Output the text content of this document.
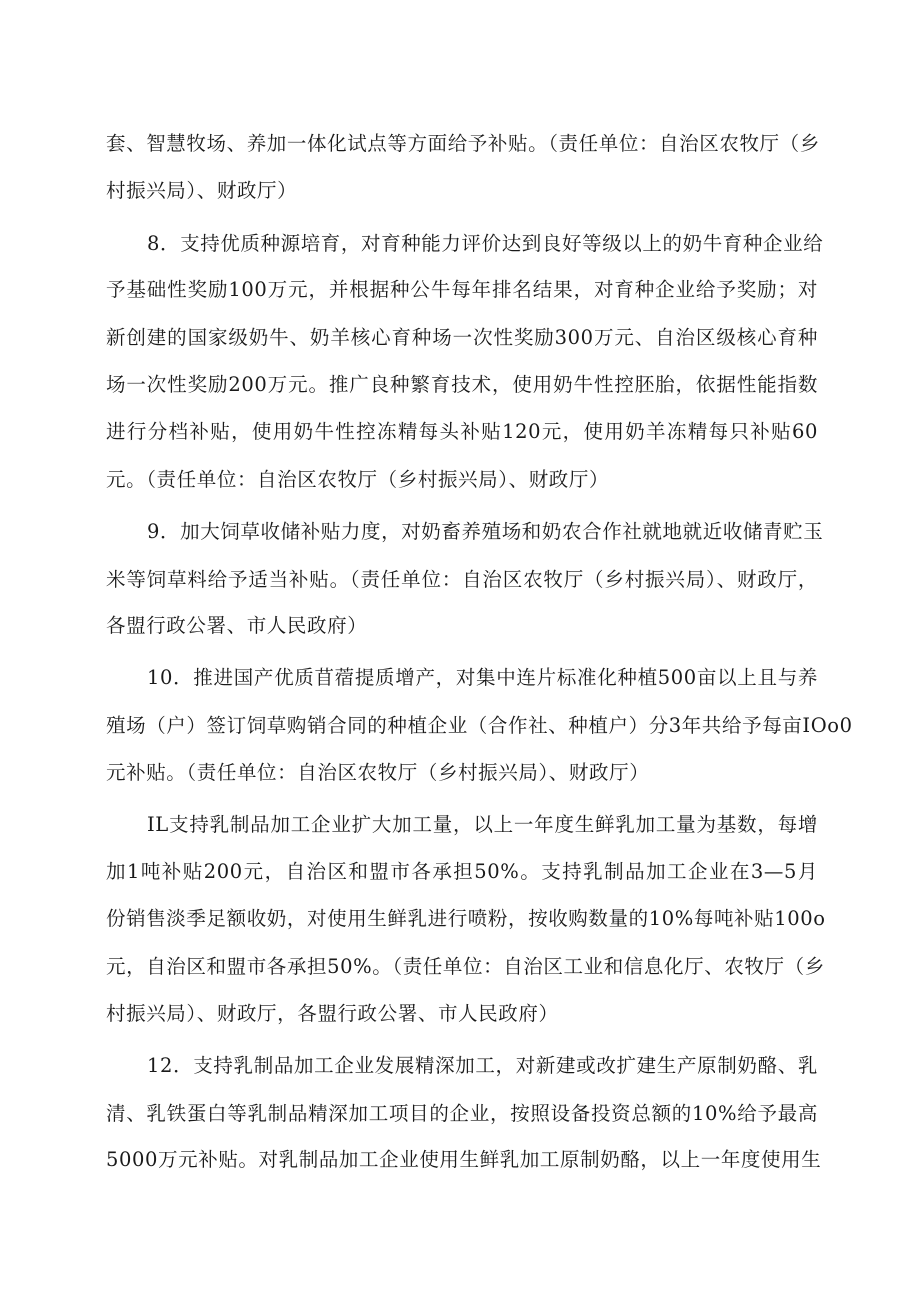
套、智慧牧场、养加一体化试点等方面给予补贴。（责任单位：自治区农牧厅（乡
村振兴局）、财政厅）
8．支持优质种源培育，对育种能力评价达到良好等级以上的奶牛育种企业给
予基础性奖励100万元，并根据种公牛每年排名结果，对育种企业给予奖励；对
新创建的国家级奶牛、奶羊核心育种场一次性奖励300万元、自治区级核心育种
场一次性奖励200万元。推广良种繁育技术，使用奶牛性控胚胎，依据性能指数
进行分档补贴，使用奶牛性控冻精每头补贴120元，使用奶羊冻精每只补贴60
元。（责任单位：自治区农牧厅（乡村振兴局）、财政厅）
9．加大饲草收储补贴力度，对奶畜养殖场和奶农合作社就地就近收储青贮玉
米等饲草料给予适当补贴。（责任单位：自治区农牧厅（乡村振兴局）、财政厅，
各盟行政公署、市人民政府）
10．推进国产优质苜蓿提质增产，对集中连片标准化种植500亩以上且与养
殖场（户）签订饲草购销合同的种植企业（合作社、种植户）分3年共给予每亩IOo0
元补贴。（责任单位：自治区农牧厅（乡村振兴局）、财政厅）
IL支持乳制品加工企业扩大加工量，以上一年度生鲜乳加工量为基数，每增
加1吨补贴200元，自治区和盟市各承担50%。支持乳制品加工企业在3—5月
份销售淡季足额收奶，对使用生鲜乳进行喷粉，按收购数量的10%每吨补贴100o
元，自治区和盟市各承担50%。（责任单位：自治区工业和信息化厅、农牧厅（乡
村振兴局）、财政厅，各盟行政公署、市人民政府）
12．支持乳制品加工企业发展精深加工，对新建或改扩建生产原制奶酪、乳
清、乳铁蛋白等乳制品精深加工项目的企业，按照设备投资总额的10%给予最高
5000万元补贴。对乳制品加工企业使用生鲜乳加工原制奶酪，以上一年度使用生
